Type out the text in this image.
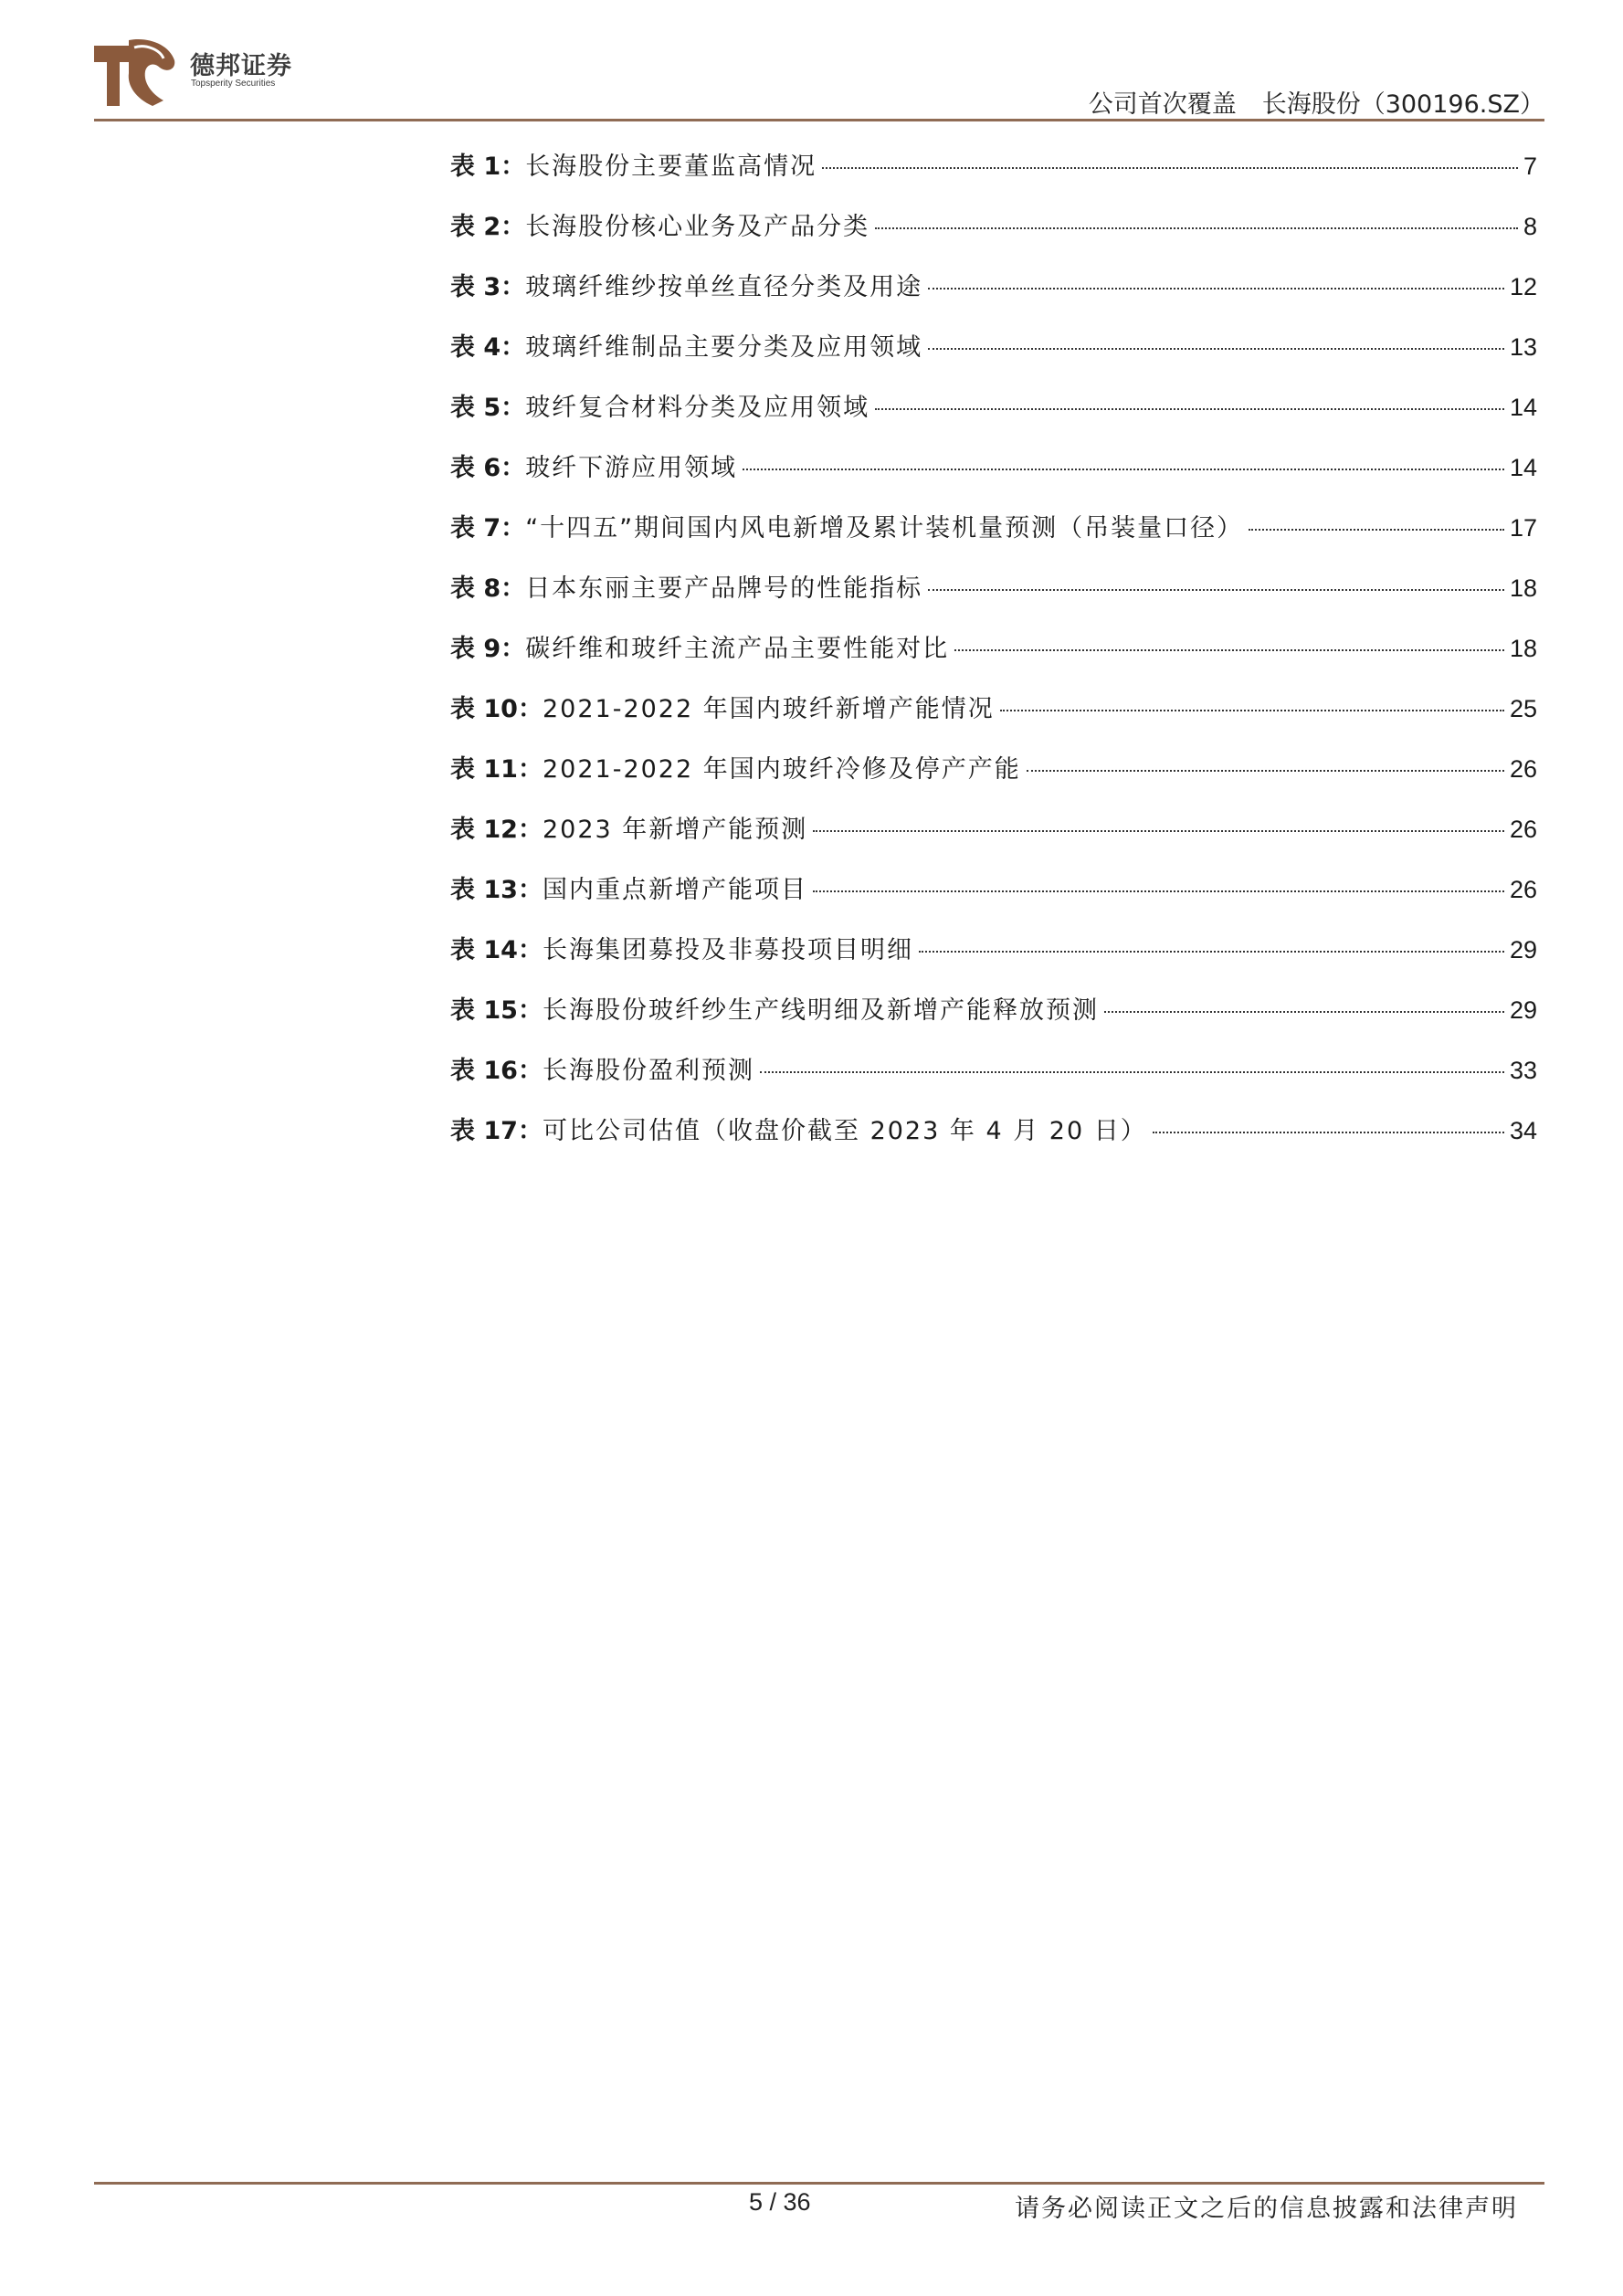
德邦证券
Topsperity Securities
公司首次覆盖 长海股份（300196.SZ）
表 1： 长海股份主要董监高情况	7
表 2： 长海股份核心业务及产品分类	8
表 3： 玻璃纤维纱按单丝直径分类及用途	12
表 4： 玻璃纤维制品主要分类及应用领域	13
表 5： 玻纤复合材料分类及应用领域	14
表 6： 玻纤下游应用领域	14
表 7： “十四五”期间国内风电新增及累计装机量预测（吊装量口径）	17
表 8： 日本东丽主要产品牌号的性能指标	18
表 9： 碳纤维和玻纤主流产品主要性能对比	18
表 10： 2021-2022 年国内玻纤新增产能情况	25
表 11： 2021-2022 年国内玻纤冷修及停产产能	26
表 12： 2023 年新增产能预测	26
表 13： 国内重点新增产能项目	26
表 14： 长海集团募投及非募投项目明细	29
表 15： 长海股份玻纤纱生产线明细及新增产能释放预测	29
表 16： 长海股份盈利预测	33
表 17： 可比公司估值（收盘价截至 2023 年 4 月 20 日）	34
5 / 36	请务必阅读正文之后的信息披露和法律声明
